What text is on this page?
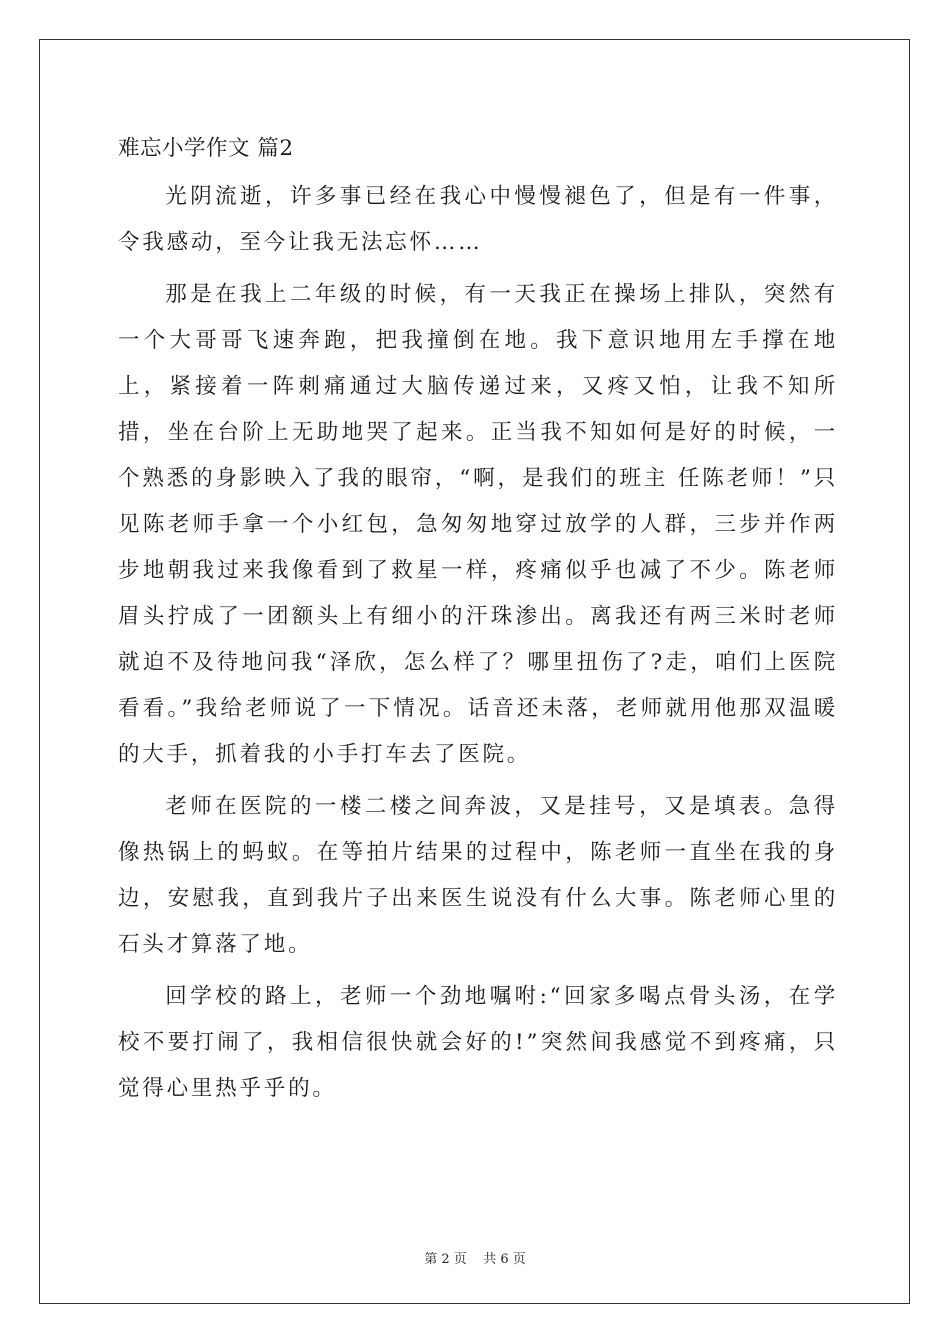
难忘小学作文 篇2

光阴流逝，许多事已经在我心中慢慢褪色了，但是有一件事，令我感动，至今让我无法忘怀……

那是在我上二年级的时候，有一天我正在操场上排队，突然有一个大哥哥飞速奔跑，把我撞倒在地。我下意识地用左手撑在地上，紧接着一阵刺痛通过大脑传递过来，又疼又怕，让我不知所措，坐在台阶上无助地哭了起来。正当我不知如何是好的时候，一个熟悉的身影映入了我的眼帘，“啊，是我们的班主 任陈老师！”只见陈老师手拿一个小红包，急匆匆地穿过放学的人群，三步并作两步地朝我过来我像看到了救星一样，疼痛似乎也减了不少。陈老师眉头拧成了一团额头上有细小的汗珠渗出。离我还有两三米时老师就迫不及待地问我“泽欣，怎么样了？哪里扭伤了?走，咱们上医院看看。”我给老师说了一下情况。话音还未落，老师就用他那双温暖的大手，抓着我的小手打车去了医院。

老师在医院的一楼二楼之间奔波，又是挂号，又是填表。急得像热锅上的蚂蚁。在等拍片结果的过程中，陈老师一直坐在我的身边，安慰我，直到我片子出来医生说没有什么大事。陈老师心里的石头才算落了地。

回学校的路上，老师一个劲地嘱咐:“回家多喝点骨头汤，在学校不要打闹了，我相信很快就会好的!”突然间我感觉不到疼痛，只觉得心里热乎乎的。

第 2 页    共 6 页
